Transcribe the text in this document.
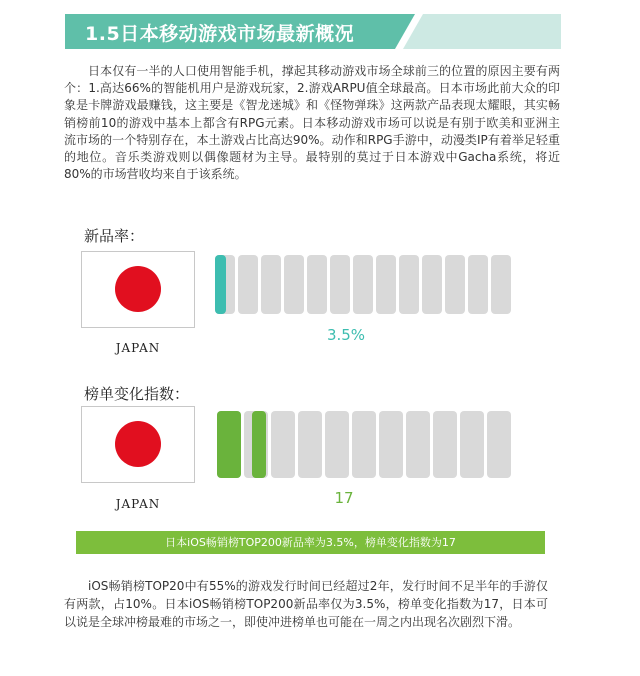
1.5日本移动游戏市场最新概况

日本仅有一半的人口使用智能手机，撑起其移动游戏市场全球前三的位置的原因主要有两个：1.高达66%的智能机用户是游戏玩家，2.游戏ARPU值全球最高。日本市场此前大众的印象是卡牌游戏最赚钱，这主要是《智龙迷城》和《怪物弹珠》这两款产品表现太耀眼，其实畅销榜前10的游戏中基本上都含有RPG元素。日本移动游戏市场可以说是有别于欧美和亚洲主流市场的一个特别存在，本土游戏占比高达90%。动作和RPG手游中，动漫类IP有着举足轻重的地位。音乐类游戏则以偶像题材为主导。最特别的莫过于日本游戏中Gacha系统，将近80%的市场营收均来自于该系统。

新品率：
JAPAN
3.5%
榜单变化指数：
JAPAN	17
日本iOS畅销榜TOP200新品率为3.5%，榜单变化指数为17

iOS畅销榜TOP20中有55%的游戏发行时间已经超过2年，发行时间不足半年的手游仅有两款，占10%。日本iOS畅销榜TOP200新品率仅为3.5%，榜单变化指数为17，日本可以说是全球冲榜最难的市场之一，即使冲进榜单也可能在一周之内出现名次剧烈下滑。
